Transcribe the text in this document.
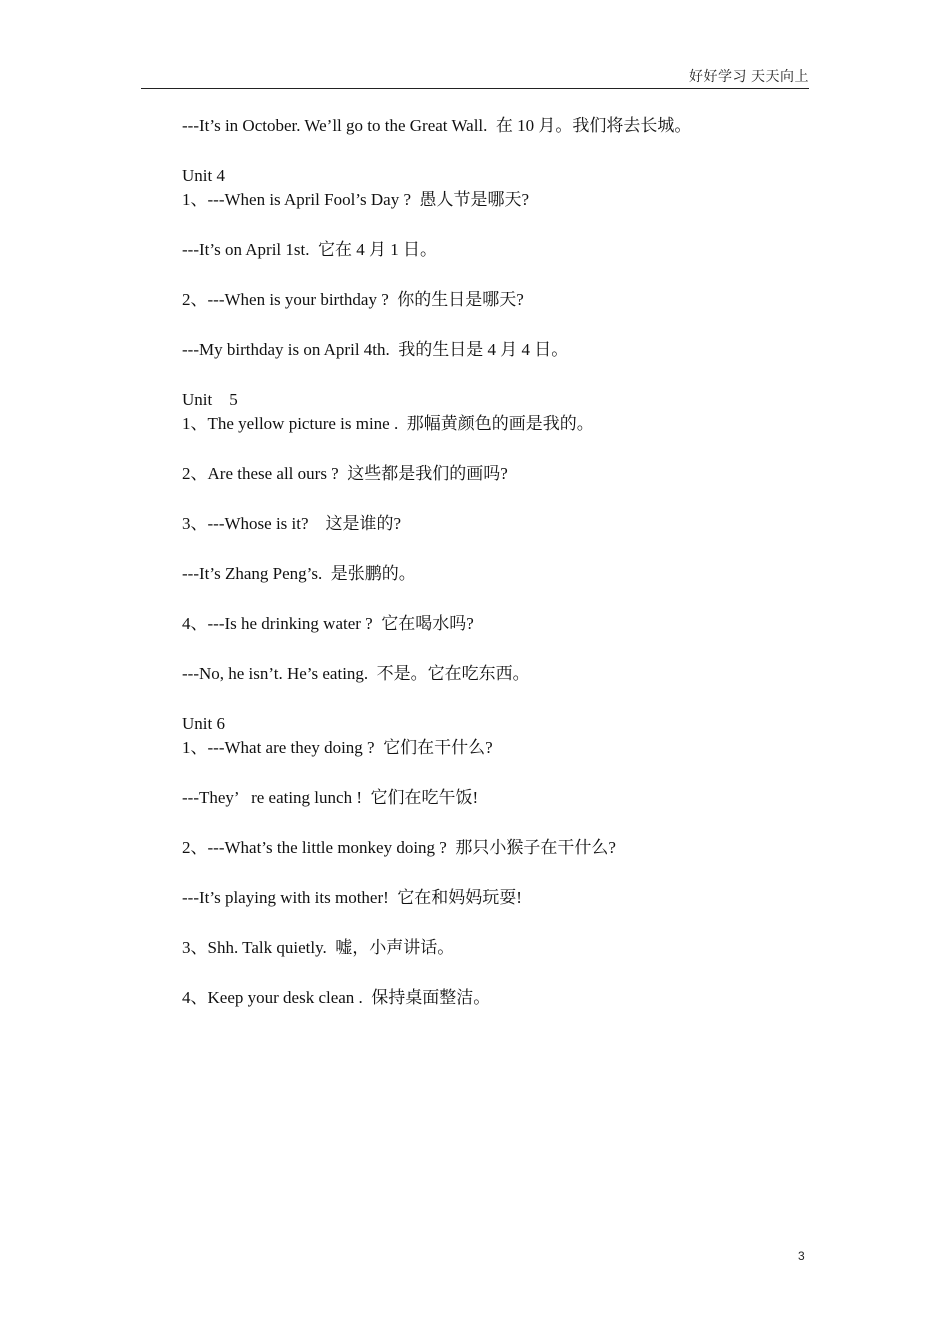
好好学习 天天向上
---It’s in October. We’ll go to the Great Wall.  在 10 月。我们将去长城。
Unit 4
1、---When is April Fool’s Day ?  愚人节是哪天?
---It’s on April 1st.  它在 4 月 1 日。
2、---When is your birthday ?  你的生日是哪天?
---My birthday is on April 4th.  我的生日是 4 月 4 日。
Unit    5
1、The yellow picture is mine .  那幅黄颜色的画是我的。
2、Are these all ours ?  这些都是我们的画吗?
3、---Whose is it?    这是谁的?
---It’s Zhang Peng’s.  是张鹏的。
4、---Is he drinking water ?  它在喝水吗?
---No, he isn’t. He’s eating.  不是。它在吃东西。
Unit 6
1、---What are they doing ?  它们在干什么?
---They’   re eating lunch !  它们在吃午饭!
2、---What’s the little monkey doing ?  那只小猴子在干什么?
---It’s playing with its mother!  它在和妈妈玩耍!
3、Shh. Talk quietly.  嘘，小声讲话。
4、Keep your desk clean .  保持桌面整洁。
3
